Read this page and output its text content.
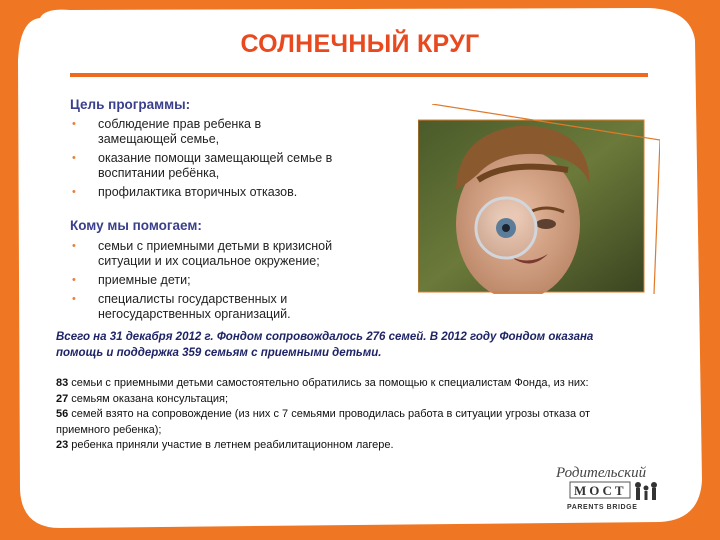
СОЛНЕЧНЫЙ КРУГ
Цель программы:
• соблюдение прав ребенка в
замещающей семье,
• оказание помощи замещающей семье в
воспитании ребёнка,
• профилактика вторичных отказов.
Кому мы помогаем:
• семьи с приемными детьми в кризисной
ситуации и их социальное окружение;
• приемные дети;
• специалисты государственных и
негосударственных организаций.
Всего на 31 декабря 2012 г. Фондом сопровождалось 276 семей. В 2012 году Фондом оказана
помощь и поддержка 359 семьям с приемными детьми.
83 семьи с приемными детьми самостоятельно обратились за помощью к специалистам Фонда, из них:
27 семьям оказана консультация;
56 семей взято на сопровождение (из них с 7 семьями проводилась работа в ситуации угрозы отказа от
приемного ребенка);
23 ребенка приняли участие в летнем реабилитационном лагере.
Родительский
МОСТ
PARENTS BRIDGE
